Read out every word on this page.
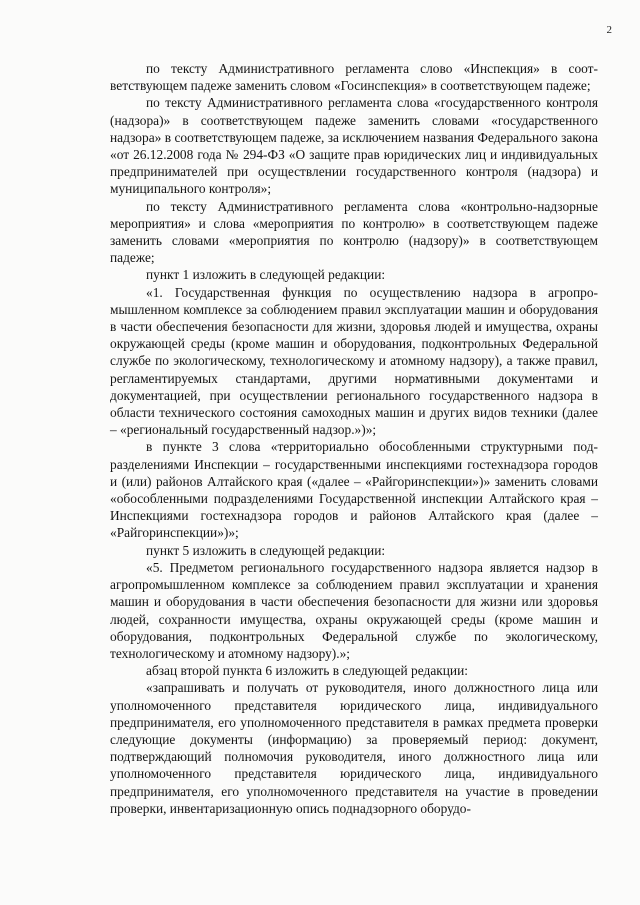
2

по тексту Административного регламента слово «Инспекция» в соответствующем падеже заменить словом «Госинспекция» в соответствующем падеже;

по тексту Административного регламента слова «государственного контроля (надзора)» в соответствующем падеже заменить словами «государственного надзора» в соответствующем падеже, за исключением названия Федерального закона «от 26.12.2008 года № 294-ФЗ «О защите прав юридических лиц и индивидуальных предпринимателей при осуществлении государственного контроля (надзора) и муниципального контроля»;

по тексту Административного регламента слова «контрольно-надзорные мероприятия» и слова «мероприятия по контролю» в соответствующем падеже заменить словами «мероприятия по контролю (надзору)» в соответствующем падеже;

пункт 1 изложить в следующей редакции:

«1. Государственная функция по осуществлению надзора в агропромышленном комплексе за соблюдением правил эксплуатации машин и оборудования в части обеспечения безопасности для жизни, здоровья людей и имущества, охраны окружающей среды (кроме машин и оборудования, подконтрольных Федеральной службе по экологическому, технологическому и атомному надзору), а также правил, регламентируемых стандартами, другими нормативными документами и документацией, при осуществлении регионального государственного надзора в области технического состояния самоходных машин и других видов техники (далее – «региональный государственный надзор.»)»;

в пункте 3 слова «территориально обособленными структурными подразделениями Инспекции – государственными инспекциями гостехнадзора городов и (или) районов Алтайского края («далее – «Райгоринспекции»)» заменить словами «обособленными подразделениями Государственной инспекции Алтайского края – Инспекциями гостехнадзора городов и районов Алтайского края (далее – «Райгоринспекции»)»;

пункт 5 изложить в следующей редакции:

«5. Предметом регионального государственного надзора является надзор в агропромышленном комплексе за соблюдением правил эксплуатации и хранения машин и оборудования в части обеспечения безопасности для жизни или здоровья людей, сохранности имущества, охраны окружающей среды (кроме машин и оборудования, подконтрольных Федеральной службе по экологическому, технологическому и атомному надзору).»;

абзац второй пункта 6 изложить в следующей редакции:

«запрашивать и получать от руководителя, иного должностного лица или уполномоченного представителя юридического лица, индивидуального предпринимателя, его уполномоченного представителя в рамках предмета проверки следующие документы (информацию) за проверяемый период: документ, подтверждающий полномочия руководителя, иного должностного лица или уполномоченного представителя юридического лица, индивидуального предпринимателя, его уполномоченного представителя на участие в проведении проверки, инвентаризационную опись поднадзорного оборудо-
